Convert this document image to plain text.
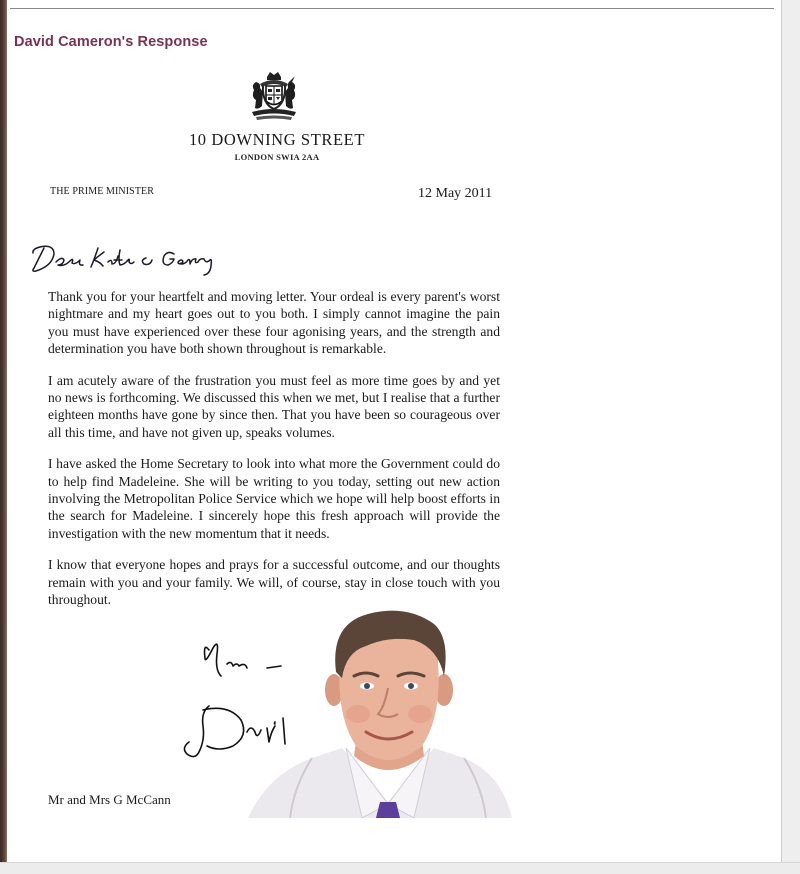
David Cameron's Response
10 DOWNING STREET
LONDON SWIA 2AA
THE PRIME MINISTER	12 May 2011

Thank you for your heartfelt and moving letter. Your ordeal is every parent's worst nightmare and my heart goes out to you both. I simply cannot imagine the pain you must have experienced over these four agonising years, and the strength and determination you have both shown throughout is remarkable.

I am acutely aware of the frustration you must feel as more time goes by and yet no news is forthcoming. We discussed this when we met, but I realise that a further eighteen months have gone by since then. That you have been so courageous over all this time, and have not given up, speaks volumes.

I have asked the Home Secretary to look into what more the Government could do to help find Madeleine. She will be writing to you today, setting out new action involving the Metropolitan Police Service which we hope will help boost efforts in the search for Madeleine. I sincerely hope this fresh approach will provide the investigation with the new momentum that it needs.

I know that everyone hopes and prays for a successful outcome, and our thoughts remain with you and your family. We will, of course, stay in close touch with you throughout.

Mr and Mrs G McCann
